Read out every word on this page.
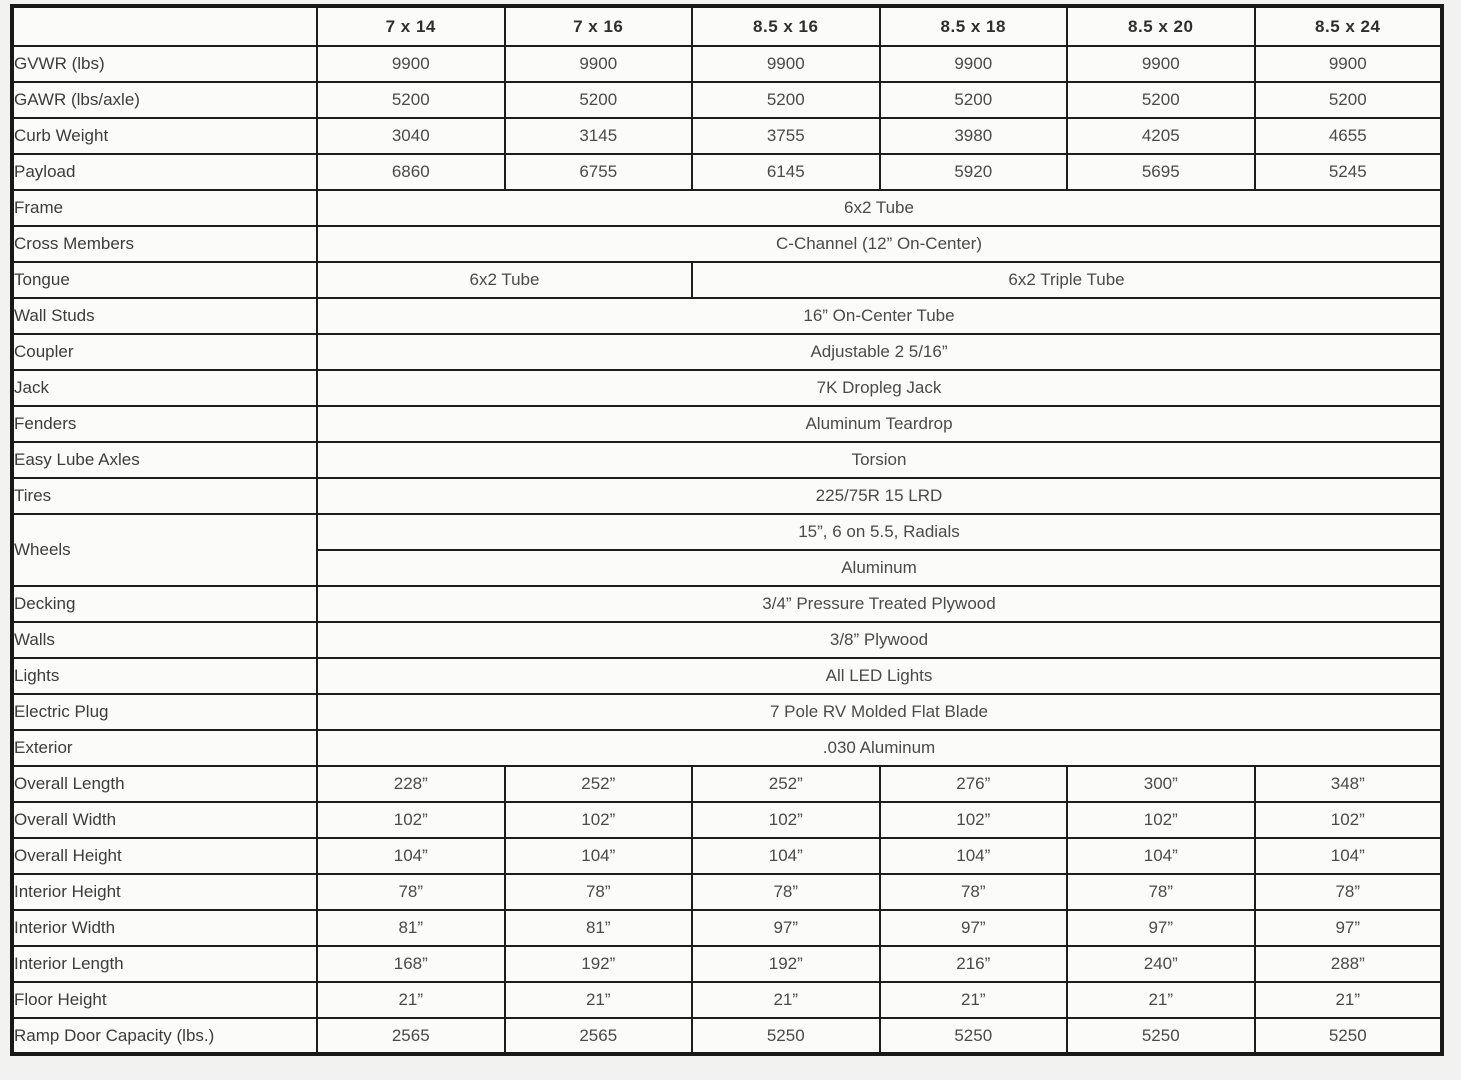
	7 x 14	7 x 16	8.5 x 16	8.5 x 18	8.5 x 20	8.5 x 24
GVWR (lbs)	9900	9900	9900	9900	9900	9900
GAWR (lbs/axle)	5200	5200	5200	5200	5200	5200
Curb Weight	3040	3145	3755	3980	4205	4655
Payload	6860	6755	6145	5920	5695	5245
Frame	6x2 Tube					
Cross Members	C-Channel (12” On-Center)					
Tongue	6x2 Tube		6x2 Triple Tube			
Wall Studs	16” On-Center Tube					
Coupler	Adjustable 2 5/16”					
Jack	7K Dropleg Jack					
Fenders	Aluminum Teardrop					
Easy Lube Axles	Torsion					
Tires	225/75R 15 LRD					
Wheels	15”, 6 on 5.5, Radials					
	Aluminum					
Decking	3/4” Pressure Treated Plywood					
Walls	3/8” Plywood					
Lights	All LED Lights					
Electric Plug	7 Pole RV Molded Flat Blade					
Exterior	.030 Aluminum					
Overall Length	228”	252”	252”	276”	300”	348”
Overall Width	102”	102”	102”	102”	102”	102”
Overall Height	104”	104”	104”	104”	104”	104”
Interior Height	78”	78”	78”	78”	78”	78”
Interior Width	81”	81”	97”	97”	97”	97”
Interior Length	168”	192”	192”	216”	240”	288”
Floor Height	21”	21”	21”	21”	21”	21”
Ramp Door Capacity (lbs.)	2565	2565	5250	5250	5250	5250
